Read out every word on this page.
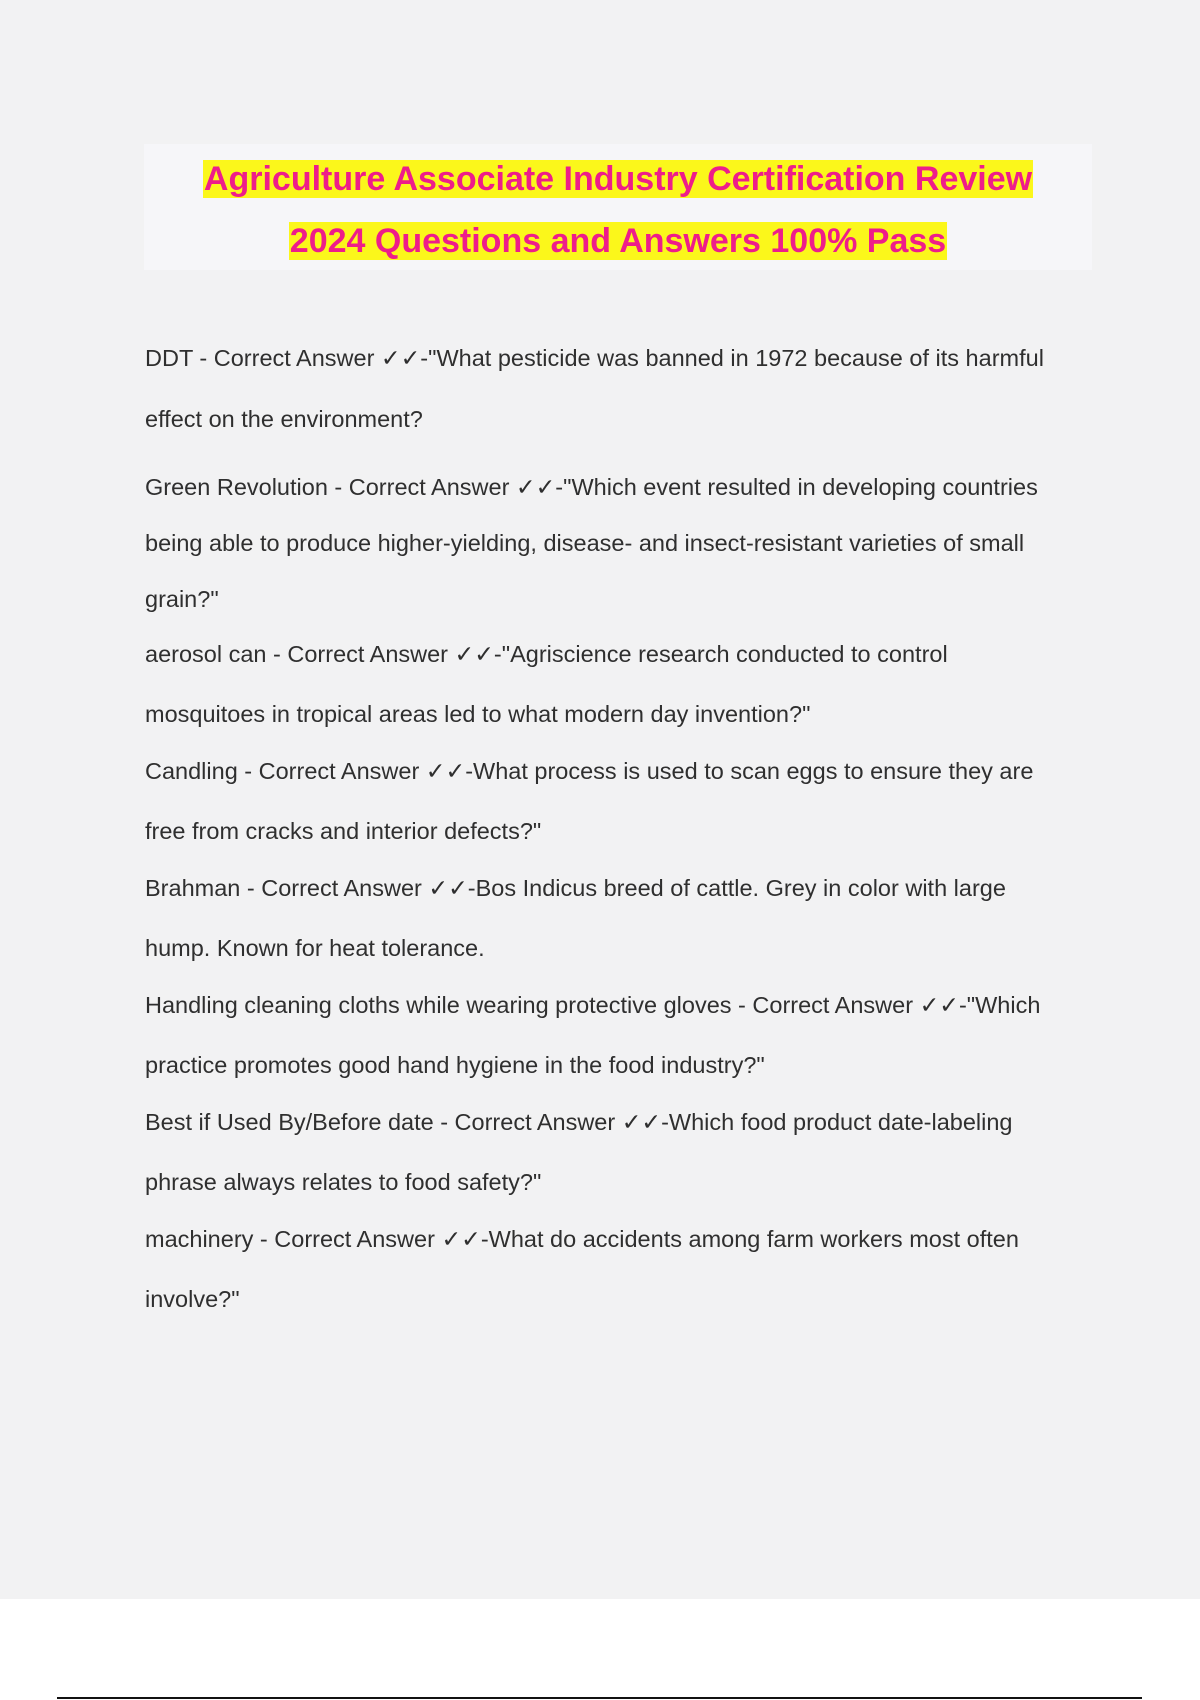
Agriculture Associate Industry Certification Review
2024 Questions and Answers 100% Pass

DDT - Correct Answer ✓✓-"What pesticide was banned in 1972 because of its harmful
effect on the environment?

Green Revolution - Correct Answer ✓✓-"Which event resulted in developing countries
being able to produce higher-yielding, disease- and insect-resistant varieties of small
grain?"

aerosol can - Correct Answer ✓✓-"Agriscience research conducted to control
mosquitoes in tropical areas led to what modern day invention?"

Candling - Correct Answer ✓✓-What process is used to scan eggs to ensure they are
free from cracks and interior defects?"

Brahman - Correct Answer ✓✓-Bos Indicus breed of cattle. Grey in color with large
hump. Known for heat tolerance.

Handling cleaning cloths while wearing protective gloves - Correct Answer ✓✓-"Which
practice promotes good hand hygiene in the food industry?"

Best if Used By/Before date - Correct Answer ✓✓-Which food product date-labeling
phrase always relates to food safety?"

machinery - Correct Answer ✓✓-What do accidents among farm workers most often
involve?"
